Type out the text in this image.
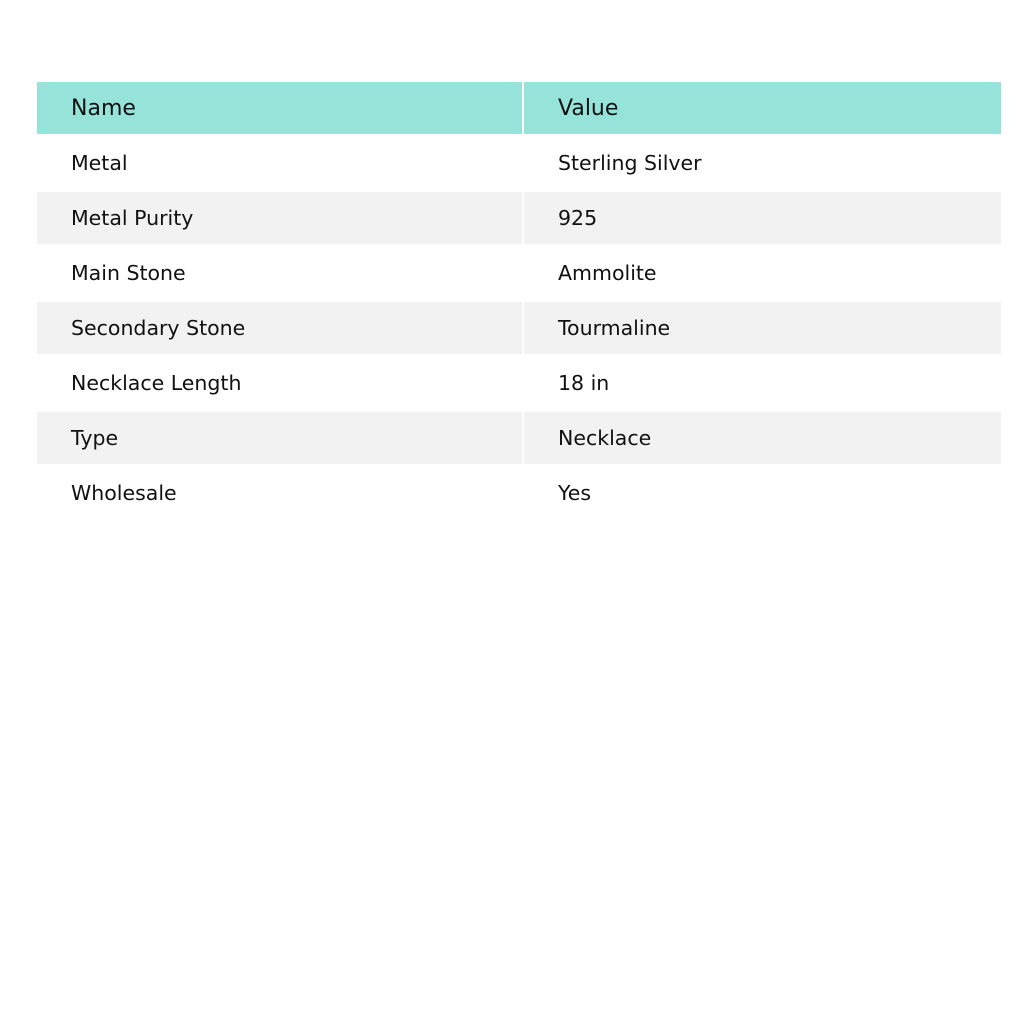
Name	Value
Metal	Sterling Silver
Metal Purity	925
Main Stone	Ammolite
Secondary Stone	Tourmaline
Necklace Length	18 in
Type	Necklace
Wholesale	Yes
